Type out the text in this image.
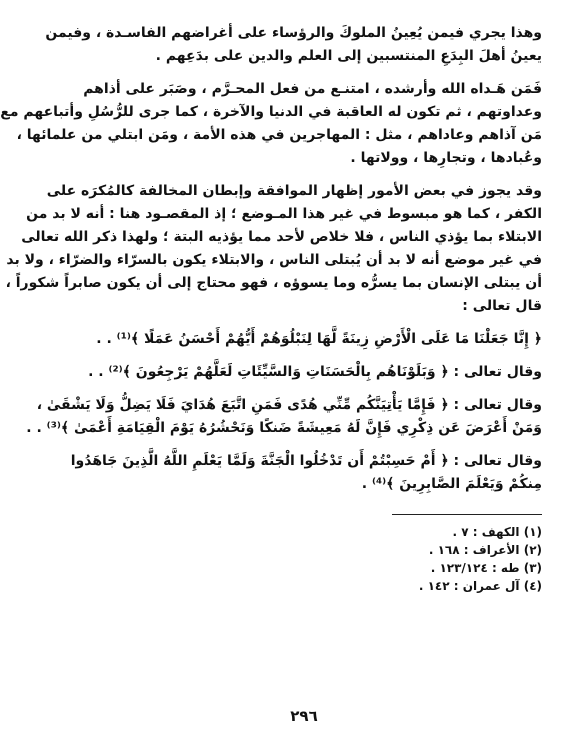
وهذا يجري فيمن يُعِينُ الملوكَ والرؤساء على أغراضهم الفاسـدة ، وفيمن
يعينُ أهلَ البِدَعِ المنتسبين إلى العلم والدين على بدَعِهم .
فَمَن هَـداه الله وأرشده ، امتنـع من فعل المحـرَّم ، وصَبَر على أذاهم
وعداوتهم ، ثم تكون له العاقبة في الدنيا والآخرة ، كما جرى للرُّسُلِ وأتباعهم مع
مَن آذاهم وعاداهم ، مثل : المهاجرين في هذه الأمة ، ومَن ابتلي من علمائها ،
وعُبادها ، وتجارِها ، وولاتها .
وقد يجوز في بعض الأمور إظهار الموافقة وإبطان المخالفة كالمُكرَه على
الكفر ، كما هو مبسوط في غير هذا المـوضع ؛ إذ المقصـود هنا : أنه لا بد من
الابتلاء بما يؤذي الناس ، فلا خلاص لأحد مما يؤذيه البتة ؛ ولهذا ذكر الله تعالى
في غير موضع أنه لا بد أن يُبتلى الناس ، والابتلاء يكون بالسرّاء والضرّاء ، ولا بد
أن يبتلى الإنسان بما يسرُّه وما يسوؤه ، فهو محتاج إلى أن يكون صابراً شكوراً ،
قال تعالى :
﴿ إِنَّا جَعَلْنَا مَا عَلَى الْأَرْضِ زِينَةً لَّهَا لِنَبْلُوَهُمْ أَيُّهُمْ أَحْسَنُ عَمَلًا ﴾⁽¹⁾ . .
وقال تعالى : ﴿ وَبَلَوْنَاهُم بِالْحَسَنَاتِ وَالسَّيِّئَاتِ لَعَلَّهُمْ يَرْجِعُونَ ﴾⁽²⁾ . .
وقال تعالى : ﴿ فَإِمَّا يَأْتِيَنَّكُم مِّنِّي هُدًى فَمَنِ اتَّبَعَ هُدَايَ فَلَا يَضِلُّ وَلَا يَشْقَىٰ ،
وَمَنْ أَعْرَضَ عَن ذِكْرِي فَإِنَّ لَهُ مَعِيشَةً ضَنكًا وَنَحْشُرُهُ يَوْمَ الْقِيَامَةِ أَعْمَىٰ ﴾⁽³⁾ . .
وقال تعالى : ﴿ أَمْ حَسِبْتُمْ أَن تَدْخُلُوا الْجَنَّةَ وَلَمَّا يَعْلَمِ اللَّهُ الَّذِينَ جَاهَدُوا
مِنكُمْ وَيَعْلَمَ الصَّابِرِينَ ﴾⁽⁴⁾ .
(١) الكهف : ٧ .
(٢) الأعراف : ١٦٨ .
(٣) طه : ١٢٣/١٢٤ .
(٤) آل عمران : ١٤٢ .
٢٩٦
